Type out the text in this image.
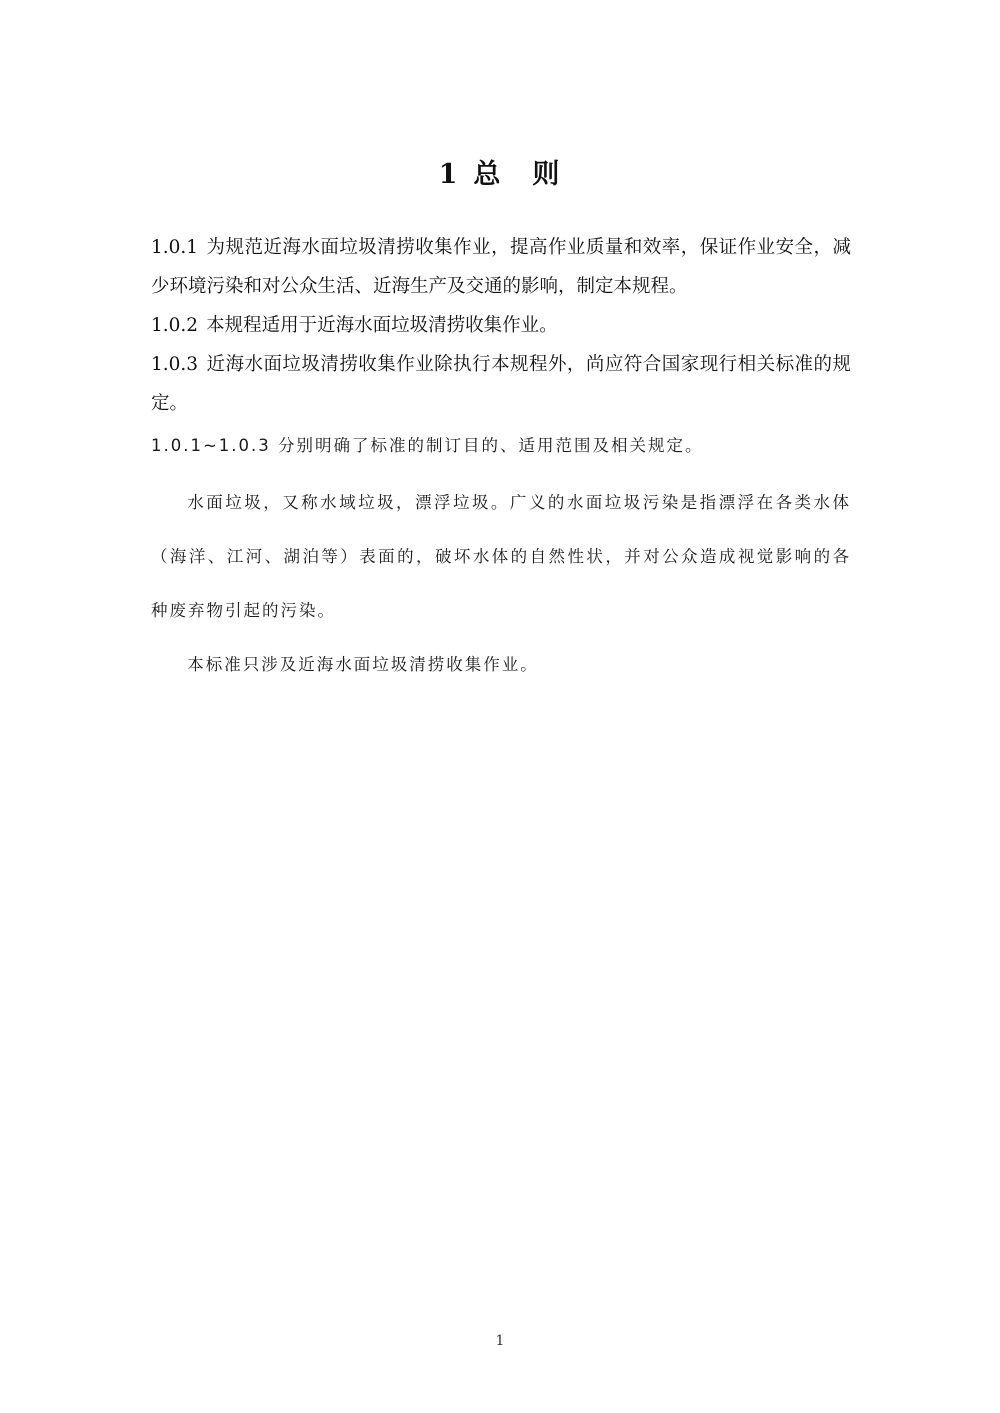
1 总 则

1.0.1 为规范近海水面垃圾清捞收集作业，提高作业质量和效率，保证作业安全，减少环境污染和对公众生活、近海生产及交通的影响，制定本规程。

1.0.2 本规程适用于近海水面垃圾清捞收集作业。

1.0.3 近海水面垃圾清捞收集作业除执行本规程外，尚应符合国家现行相关标准的规定。

1.0.1~1.0.3 分别明确了标准的制订目的、适用范围及相关规定。

水面垃圾，又称水域垃圾，漂浮垃圾。广义的水面垃圾污染是指漂浮在各类水体（海洋、江河、湖泊等）表面的，破坏水体的自然性状，并对公众造成视觉影响的各种废弃物引起的污染。

本标准只涉及近海水面垃圾清捞收集作业。

1
